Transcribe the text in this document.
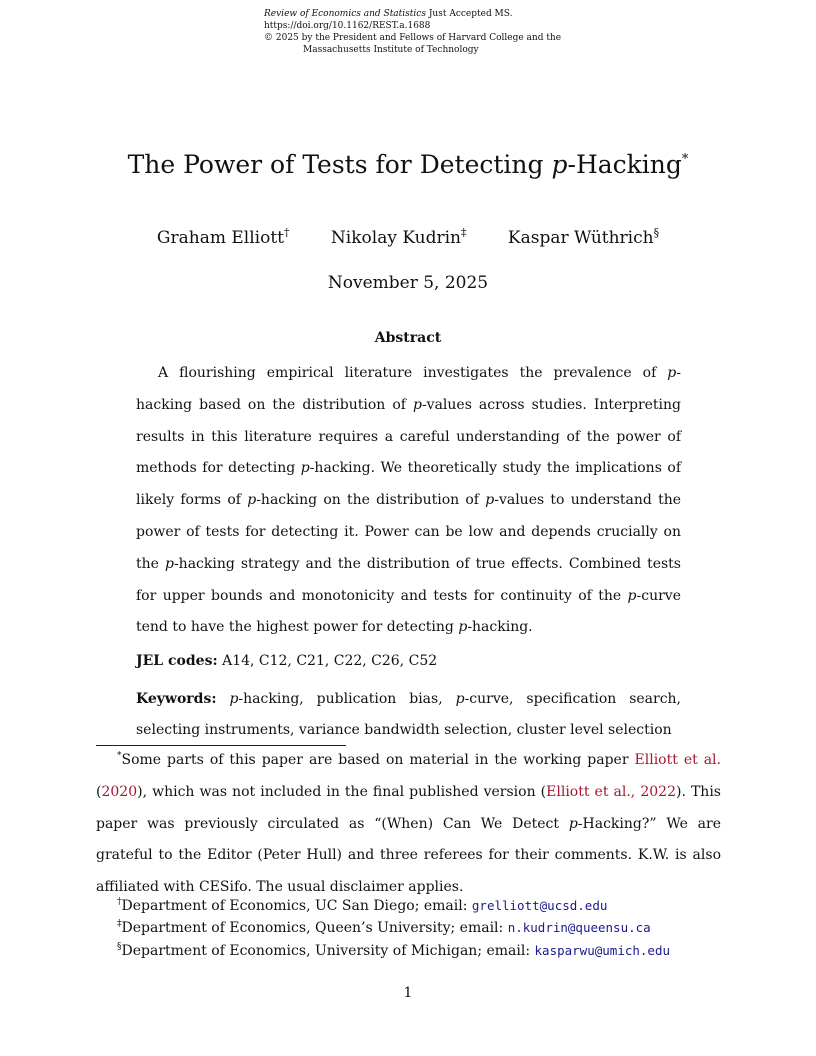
Review of Economics and Statistics Just Accepted MS.
https://doi.org/10.1162/REST.a.1688
© 2025 by the President and Fellows of Harvard College and the
Massachusetts Institute of Technology
The Power of Tests for Detecting p-Hacking*
Graham Elliott† Nikolay Kudrin‡ Kaspar Wüthrich§
November 5, 2025
Abstract
A flourishing empirical literature investigates the prevalence of p-hacking based on the distribution of p-values across studies. Interpreting results in this literature requires a careful understanding of the power of methods for detecting p-hacking. We theoretically study the implications of likely forms of p-hacking on the distribution of p-values to understand the power of tests for detecting it. Power can be low and depends crucially on the p-hacking strategy and the distribution of true effects. Combined tests for upper bounds and monotonicity and tests for continuity of the p-curve tend to have the highest power for detecting p-hacking.
JEL codes: A14, C12, C21, C22, C26, C52
Keywords: p-hacking, publication bias, p-curve, specification search, selecting instruments, variance bandwidth selection, cluster level selection
*Some parts of this paper are based on material in the working paper Elliott et al. (2020), which was not included in the final published version (Elliott et al., 2022). This paper was previously circulated as “(When) Can We Detect p-Hacking?” We are grateful to the Editor (Peter Hull) and three referees for their comments. K.W. is also affiliated with CESifo. The usual disclaimer applies.
†Department of Economics, UC San Diego; email: grelliott@ucsd.edu
‡Department of Economics, Queen’s University; email: n.kudrin@queensu.ca
§Department of Economics, University of Michigan; email: kasparwu@umich.edu
1
